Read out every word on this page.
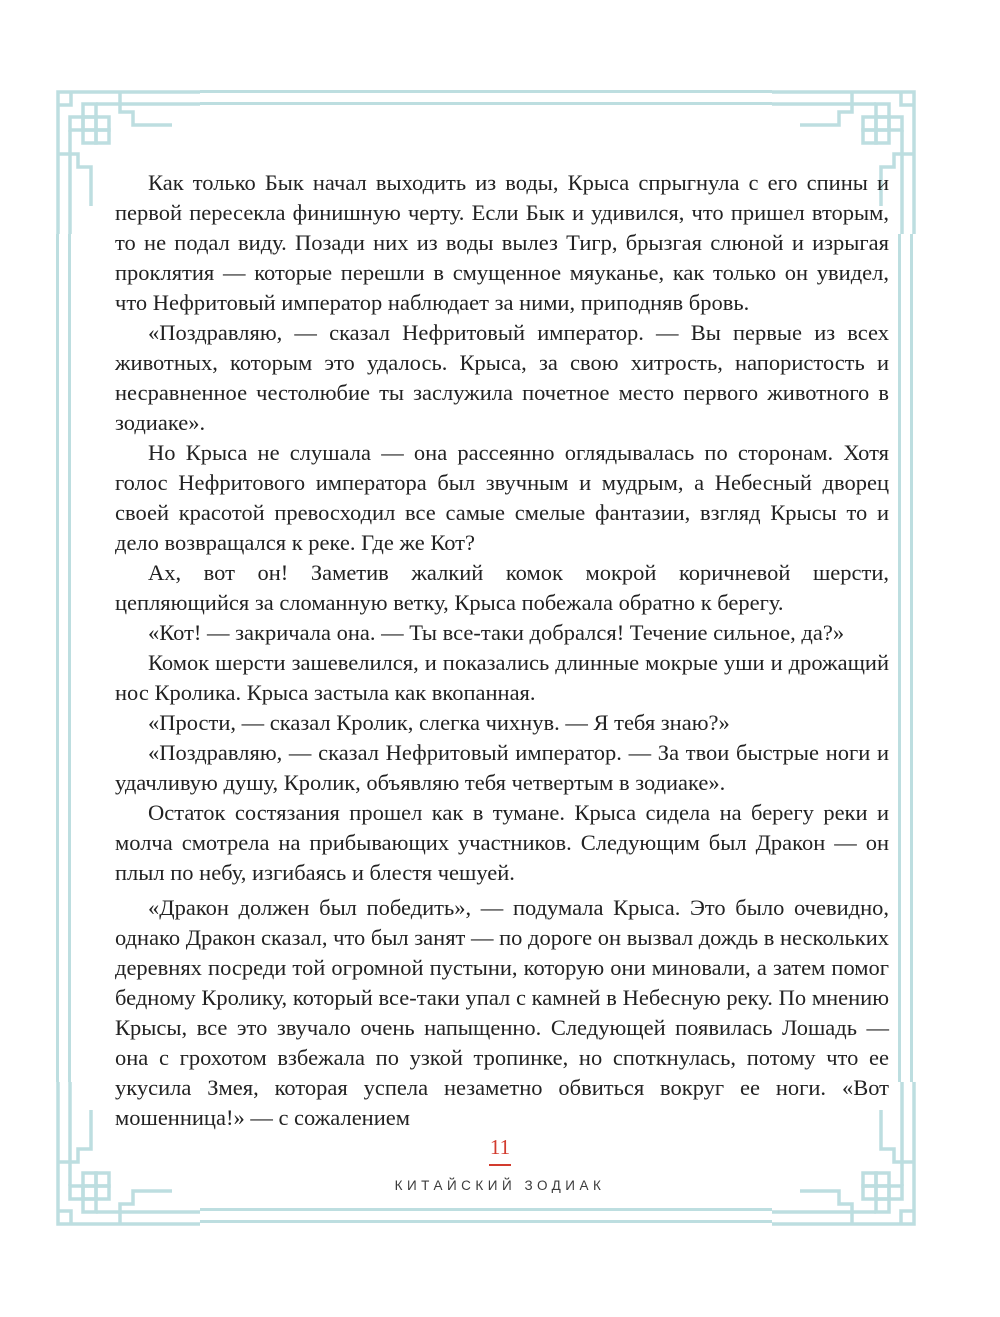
Как только Бык начал выходить из воды, Крыса спрыгнула с его спины и первой пересекла финишную черту. Если Бык и удивился, что пришел вторым, то не подал виду. Позади них из воды вылез Тигр, брызгая слюной и изрыгая проклятия — которые перешли в смущенное мяуканье, как только он увидел, что Нефритовый император наблюдает за ними, приподняв бровь.

«Поздравляю, — сказал Нефритовый император. — Вы первые из всех животных, которым это удалось. Крыса, за свою хитрость, напористость и несравненное честолюбие ты заслужила почетное место первого животного в зодиаке».

Но Крыса не слушала — она рассеянно оглядывалась по сторонам. Хотя голос Нефритового императора был звучным и мудрым, а Небесный дворец своей красотой превосходил все самые смелые фантазии, взгляд Крысы то и дело возвращался к реке. Где же Кот?

Ах, вот он! Заметив жалкий комок мокрой коричневой шерсти, цепляющийся за сломанную ветку, Крыса побежала обратно к берегу.

«Кот! — закричала она. — Ты все-таки добрался! Течение сильное, да?»

Комок шерсти зашевелился, и показались длинные мокрые уши и дрожащий нос Кролика. Крыса застыла как вкопанная.

«Прости, — сказал Кролик, слегка чихнув. — Я тебя знаю?»

«Поздравляю, — сказал Нефритовый император. — За твои быстрые ноги и удачливую душу, Кролик, объявляю тебя четвертым в зодиаке».

Остаток состязания прошел как в тумане. Крыса сидела на берегу реки и молча смотрела на прибывающих участников. Следующим был Дракон — он плыл по небу, изгибаясь и блестя чешуей.

«Дракон должен был победить», — подумала Крыса. Это было очевидно, однако Дракон сказал, что был занят — по дороге он вызвал дождь в нескольких деревнях посреди той огромной пустыни, которую они миновали, а затем помог бедному Кролику, который все-таки упал с камней в Небесную реку. По мнению Крысы, все это звучало очень напыщенно. Следующей появилась Лошадь — она с грохотом взбежала по узкой тропинке, но споткнулась, потому что ее укусила Змея, которая успела незаметно обвиться вокруг ее ноги. «Вот мошенница!» — с сожалением

11
КИТАЙСКИЙ ЗОДИАК
